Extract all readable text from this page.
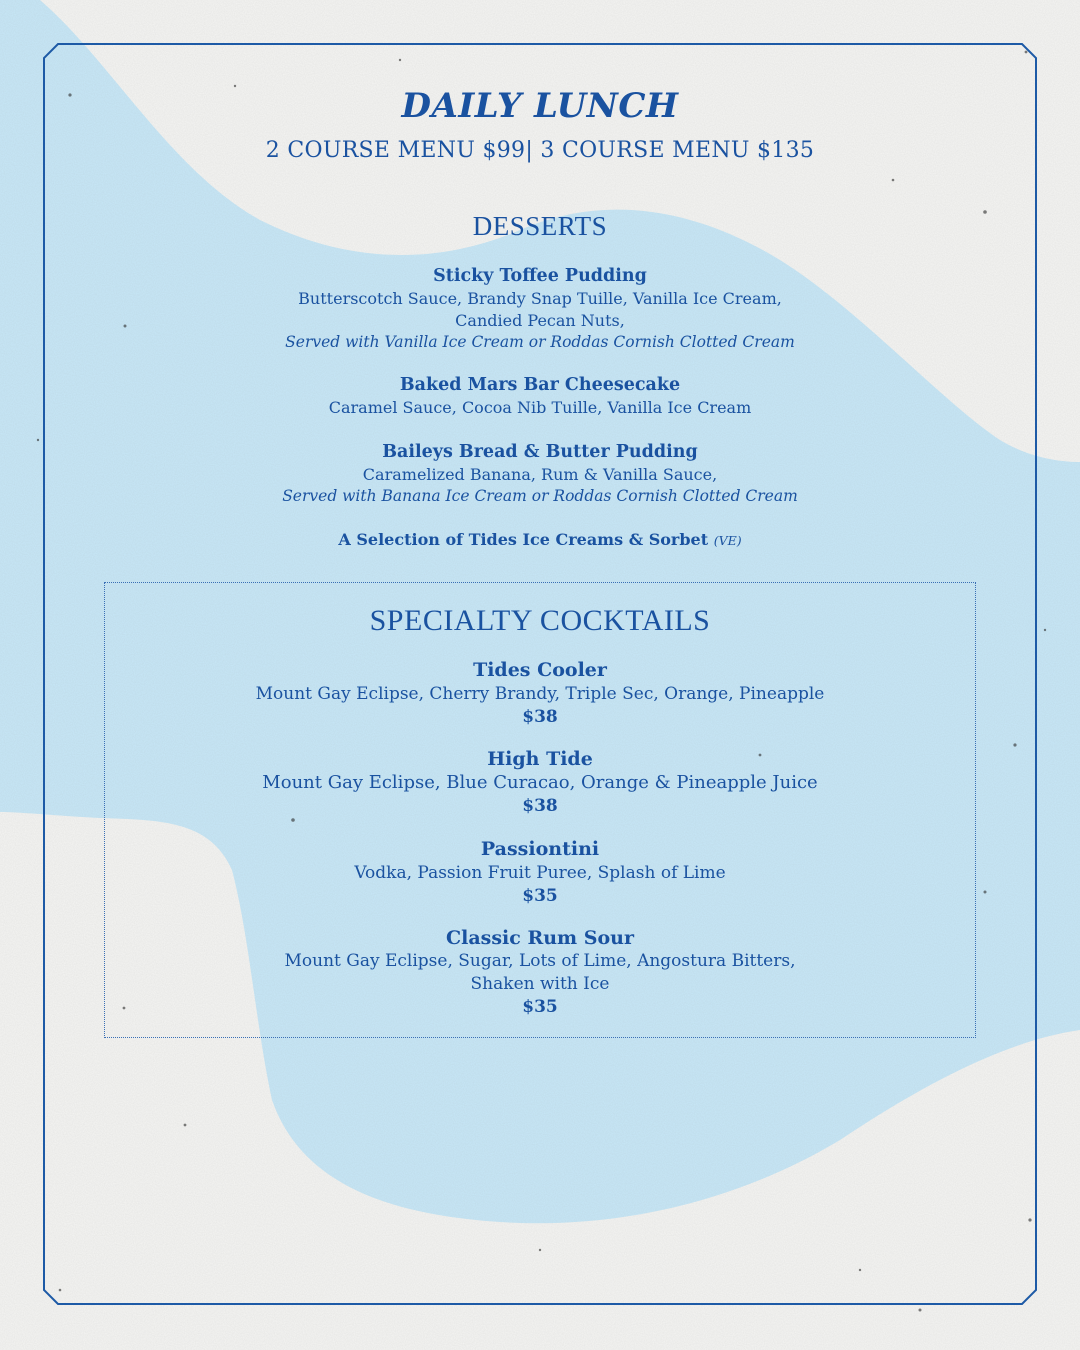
DAILY LUNCH
2 COURSE MENU $99| 3 COURSE MENU $135
DESSERTS
Sticky Toffee Pudding
Butterscotch Sauce, Brandy Snap Tuille, Vanilla Ice Cream,
Candied Pecan Nuts,
Served with Vanilla Ice Cream or Roddas Cornish Clotted Cream
Baked Mars Bar Cheesecake
Caramel Sauce, Cocoa Nib Tuille, Vanilla Ice Cream
Baileys Bread & Butter Pudding
Caramelized Banana, Rum & Vanilla Sauce,
Served with Banana Ice Cream or Roddas Cornish Clotted Cream
A Selection of Tides Ice Creams & Sorbet (VE)
SPECIALTY COCKTAILS
Tides Cooler
Mount Gay Eclipse, Cherry Brandy, Triple Sec, Orange, Pineapple
$38
High Tide
Mount Gay Eclipse, Blue Curacao, Orange & Pineapple Juice
$38
Passiontini
Vodka, Passion Fruit Puree, Splash of Lime
$35
Classic Rum Sour
Mount Gay Eclipse, Sugar, Lots of Lime, Angostura Bitters,
Shaken with Ice
$35
